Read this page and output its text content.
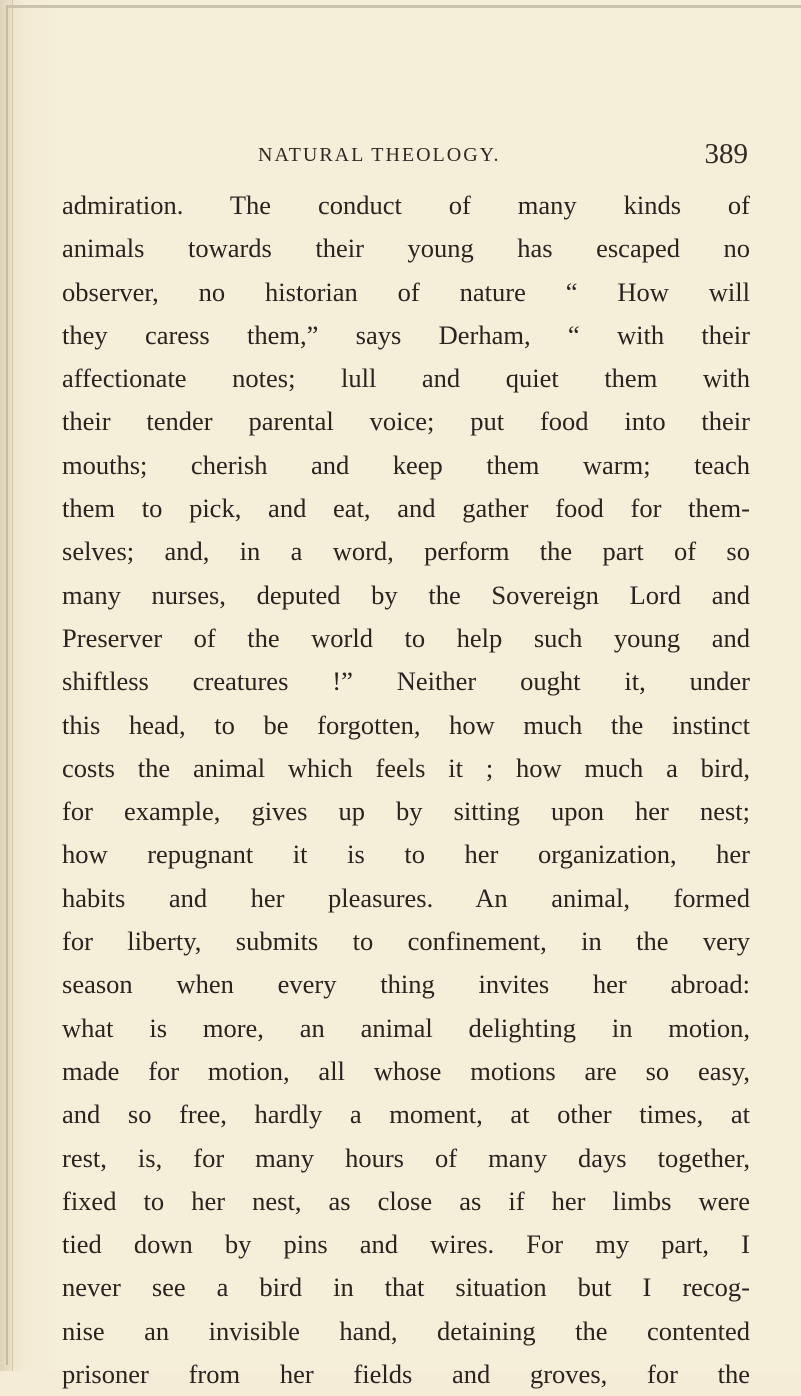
NATURAL THEOLOGY.	389
admiration. The conduct of many kinds of
animals towards their young has escaped no
observer, no historian of nature “ How will
they caress them,” says Derham, “ with their
affectionate notes; lull and quiet them with
their tender parental voice; put food into their
mouths; cherish and keep them warm; teach
them to pick, and eat, and gather food for them-
selves; and, in a word, perform the part of so
many nurses, deputed by the Sovereign Lord and
Preserver of the world to help such young and
shiftless creatures !” Neither ought it, under
this head, to be forgotten, how much the instinct
costs the animal which feels it ; how much a bird,
for example, gives up by sitting upon her nest;
how repugnant it is to her organization, her
habits and her pleasures. An animal, formed
for liberty, submits to confinement, in the very
season when every thing invites her abroad:
what is more, an animal delighting in motion,
made for motion, all whose motions are so easy,
and so free, hardly a moment, at other times, at
rest, is, for many hours of many days together,
fixed to her nest, as close as if her limbs were
tied down by pins and wires. For my part, I
never see a bird in that situation but I recog-
nise an invisible hand, detaining the contented
prisoner from her fields and groves, for the
